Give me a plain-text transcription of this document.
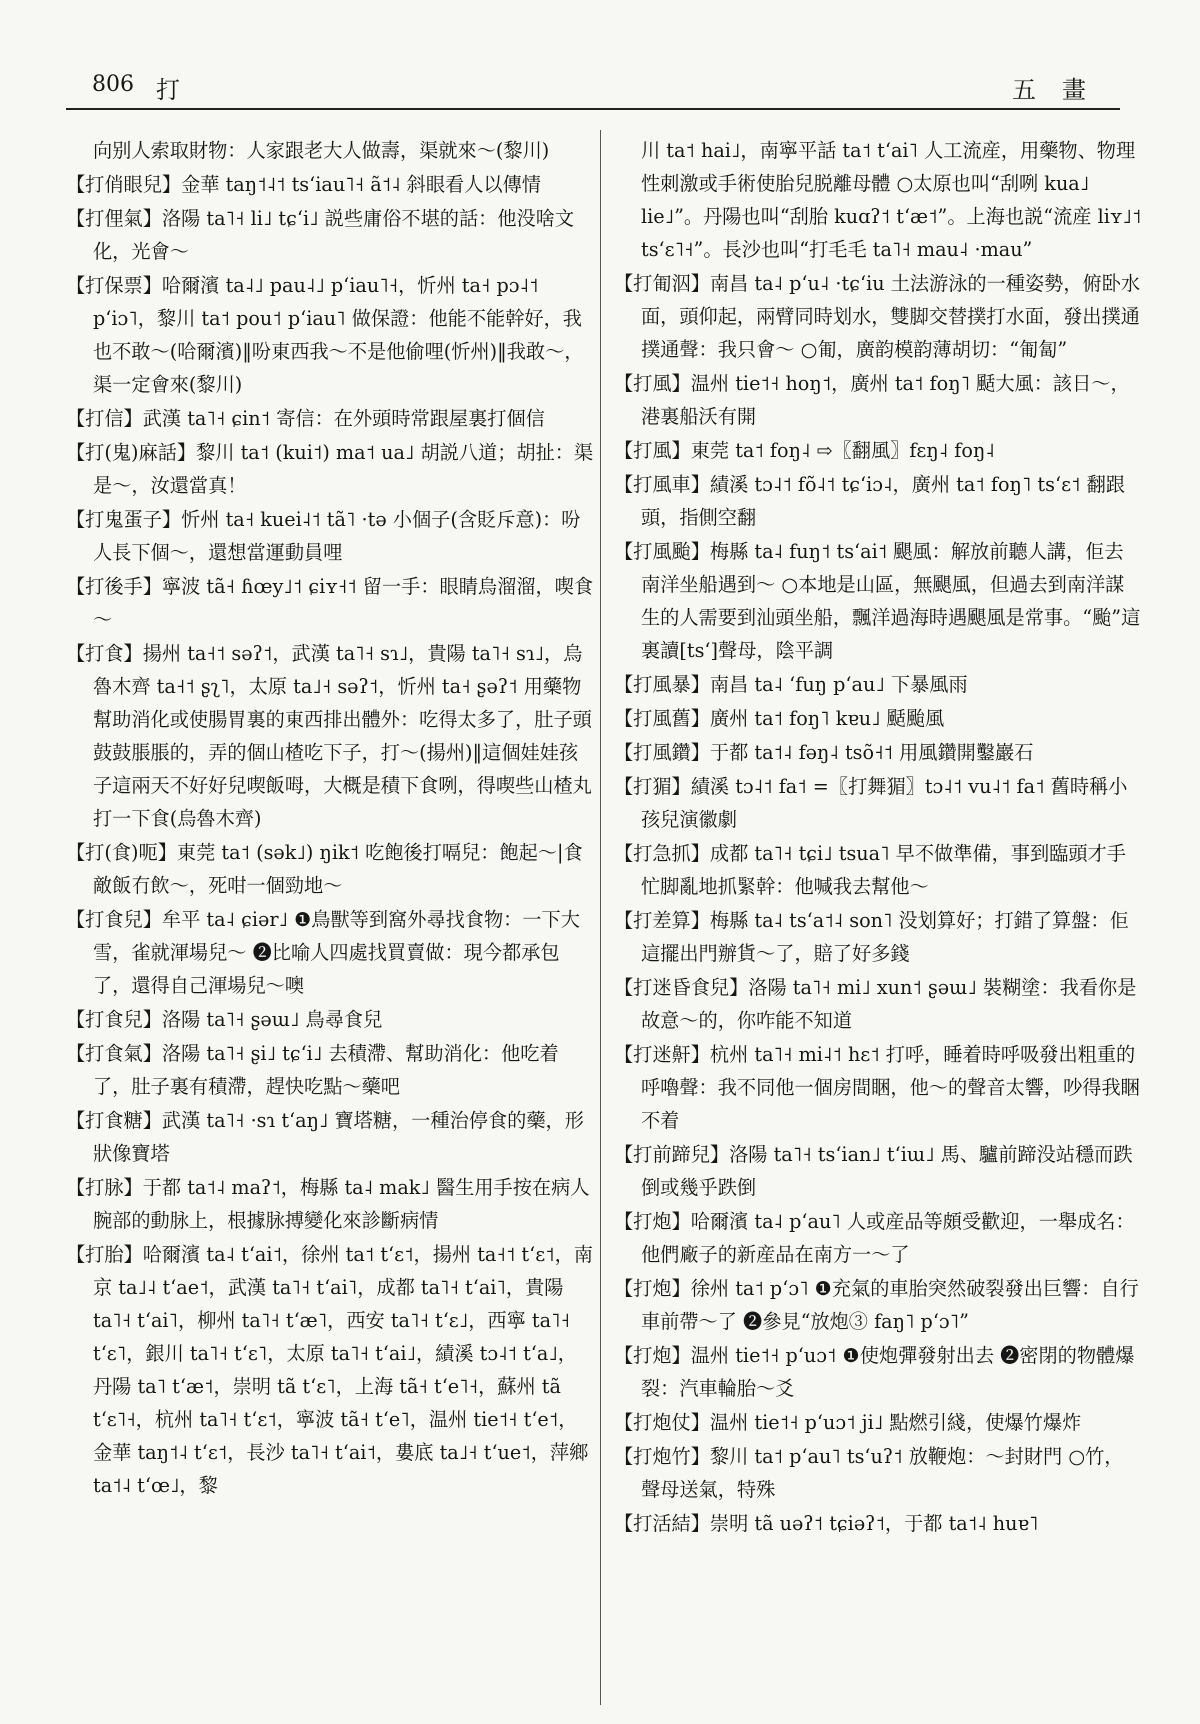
806 打	五畫

向别人索取財物：人家跟老大人做壽，渠就來～(黎川)

【打俏眼兒】金華 taŋ˦˨˦ tsʻiau˥˧ ã˦˨ 斜眼看人以傳情

【打俚氣】洛陽 ta˥˧ li˩ tɕʻi˩ 説些庸俗不堪的話：他没啥文化，光會～

【打保票】哈爾濱 ta˨˩ pau˨˩ pʻiau˥˧，忻州 ta˧ pɔ˨˦ pʻiɔ˥，黎川 ta˦ pou˦ pʻiau˥ 做保證：他能不能幹好，我也不敢～(哈爾濱)‖吩東西我～不是他偷哩(忻州)‖我敢～，渠一定會來(黎川)

【打信】武漢 ta˥˧ ɕin˦ 寄信：在外頭時常跟屋裏打個信

【打(鬼)麻話】黎川 ta˦ (kui˦) ma˦ ua˩ 胡説八道；胡扯：渠是～，汝還當真！

【打鬼蛋子】忻州 ta˧ kuei˨˦ tã˥ ·tə 小個子(含貶斥意)：吩人長下個～，還想當運動員哩

【打後手】寧波 tã˧ ɦœy˩˦ ɕiʏ˧˦ 留一手：眼睛烏溜溜，喫食～

【打食】揚州 ta˧˦ səʔ˦，武漢 ta˥˧ sɿ˩，貴陽 ta˥˧ sɿ˩，烏魯木齊 ta˧˦ ʂʅ˥，太原 ta˩˧ səʔ˦，忻州 ta˧ ʂəʔ˦ 用藥物幫助消化或使腸胃裏的東西排出體外：吃得太多了，肚子頭鼓鼓脹脹的，弄的個山楂吃下子，打～(揚州)‖這個娃娃孩子這兩天不好好兒喫飯呣，大概是積下食咧，得喫些山楂丸打一下食(烏魯木齊)

【打(食)呃】東莞 ta˦ (sək˩) ŋik˦ 吃飽後打嗝兒：飽起～|食敵飯冇飲～，死咁一個勁地～

【打食兒】牟平 ta˨ ɕiər˩ ❶鳥獸等到窩外尋找食物：一下大雪，雀就渾場兒～ ❷比喻人四處找買賣做：現今都承包了，還得自己渾場兒～噢

【打食兒】洛陽 ta˥˧ ʂəɯ˩ 鳥尋食兒

【打食氣】洛陽 ta˥˧ ʂi˩ tɕʻi˩ 去積滯、幫助消化：他吃着了，肚子裏有積滯，趕快吃點～藥吧

【打食糖】武漢 ta˥˧ ·sɿ tʻaŋ˩ 寶塔糖，一種治停食的藥，形狀像寶塔

【打脉】于都 ta˦˨ maʔ˦，梅縣 ta˨ mak˩ 醫生用手按在病人腕部的動脉上，根據脉搏變化來診斷病情

【打胎】哈爾濱 ta˨ tʻai˦，徐州 ta˦ tʻɛ˦，揚州 ta˧˦ tʻɛ˦，南京 ta˩˨ tʻae˦，武漢 ta˥˧ tʻai˥，成都 ta˥˧ tʻai˥，貴陽 ta˥˧ tʻai˥，柳州 ta˥˧ tʻæ˥，西安 ta˥˧ tʻɛ˩，西寧 ta˥˧ tʻɛ˥，銀川 ta˥˧ tʻɛ˥，太原 ta˥˧ tʻai˩，績溪 tɔ˨˦ tʻa˩，丹陽 ta˥ tʻæ˦，崇明 tã tʻɛ˥，上海 tã˧ tʻe˥˧，蘇州 tã tʻɛ˥˧，杭州 ta˥˧ tʻɛ˦，寧波 tã˧ tʻe˥，温州 tie˦˧ tʻe˦，金華 taŋ˦˨ tʻɛ˦，長沙 ta˥˧ tʻai˦，婁底 ta˩˧ tʻue˦，萍鄉 ta˦˨ tʻœ˩，黎

川 ta˦ hai˩，南寧平話 ta˦ tʻai˥ 人工流産，用藥物、物理性刺激或手術使胎兒脱離母體 ○太原也叫“刮咧 kua˩ lie˩”。丹陽也叫“刮胎 kuɑʔ˦ tʻæ˦”。上海也説“流産 liʏ˩˦ tsʻɛ˥˧”。長沙也叫“打毛毛 ta˥˧ mau˨ ·mau”

【打匍泅】南昌 ta˨ pʻu˨ ·tɕʻiu 土法游泳的一種姿勢，俯卧水面，頭仰起，兩臂同時划水，雙脚交替撲打水面，發出撲通撲通聲：我只會～ ○匍，廣韵模韵薄胡切：“匍匐”

【打風】温州 tie˦˧ hoŋ˦，廣州 ta˦ foŋ˥ 颳大風：該日～，港裏船沃有開

【打風】東莞 ta˦ foŋ˨ ⇨〖翻風〗fɛŋ˨ foŋ˨

【打風車】績溪 tɔ˨˦ fõ˨˦ tɕʻiɔ˨，廣州 ta˦ foŋ˥ tsʻɛ˦ 翻跟頭，指側空翻

【打風颱】梅縣 ta˨ fuŋ˦ tsʻai˦ 颶風：解放前聽人講，佢去南洋坐船遇到～ ○本地是山區，無颶風，但過去到南洋謀生的人需要到汕頭坐船，飄洋過海時遇颶風是常事。“颱”這裏讀[tsʻ]聲母，陰平調

【打風暴】南昌 ta˨ ʻfuŋ pʻau˩ 下暴風雨

【打風舊】廣州 ta˦ foŋ˥ kɐu˩ 颳颱風

【打風鑽】于都 ta˦˨ fəŋ˨ tsõ˧˦ 用風鑽開鑿巖石

【打猸】績溪 tɔ˨˦ fa˦ =〖打舞猸〗tɔ˨˦ vu˨˦ fa˦ 舊時稱小孩兒演徽劇

【打急抓】成都 ta˥˧ tɕi˩ tsua˥ 早不做準備，事到臨頭才手忙脚亂地抓緊幹：他喊我去幫他～

【打差算】梅縣 ta˨ tsʻa˦˨ son˥ 没划算好；打錯了算盤：佢這擺出門辦貨～了，賠了好多錢

【打迷昏食兒】洛陽 ta˥˧ mi˩ xun˦ ʂəɯ˩ 裝糊塗：我看你是故意～的，你咋能不知道

【打迷鼾】杭州 ta˥˧ mi˨˦ hɛ˦ 打呼，睡着時呼吸發出粗重的呼嚕聲：我不同他一個房間睏，他～的聲音太響，吵得我睏不着

【打前蹄兒】洛陽 ta˥˧ tsʻian˩ tʻiɯ˩ 馬、驢前蹄没站穩而跌倒或幾乎跌倒

【打炮】哈爾濱 ta˨ pʻau˥ 人或産品等頗受歡迎，一舉成名：他們廠子的新産品在南方一～了

【打炮】徐州 ta˦ pʻɔ˥ ❶充氣的車胎突然破裂發出巨響：自行車前帶～了 ❷參見“放炮③ faŋ˥ pʻɔ˥”

【打炮】温州 tie˦˧ pʻuɔ˦ ❶使炮彈發射出去 ❷密閉的物體爆裂：汽車輪胎～爻

【打炮仗】温州 tie˦˧ pʻuɔ˦ ji˩ 點燃引綫，使爆竹爆炸

【打炮竹】黎川 ta˦ pʻau˥ tsʻuʔ˦ 放鞭炮：～封財門 ○竹，聲母送氣，特殊

【打活結】崇明 tã uəʔ˦ tɕiəʔ˦，于都 ta˦˨ huɐ˥
